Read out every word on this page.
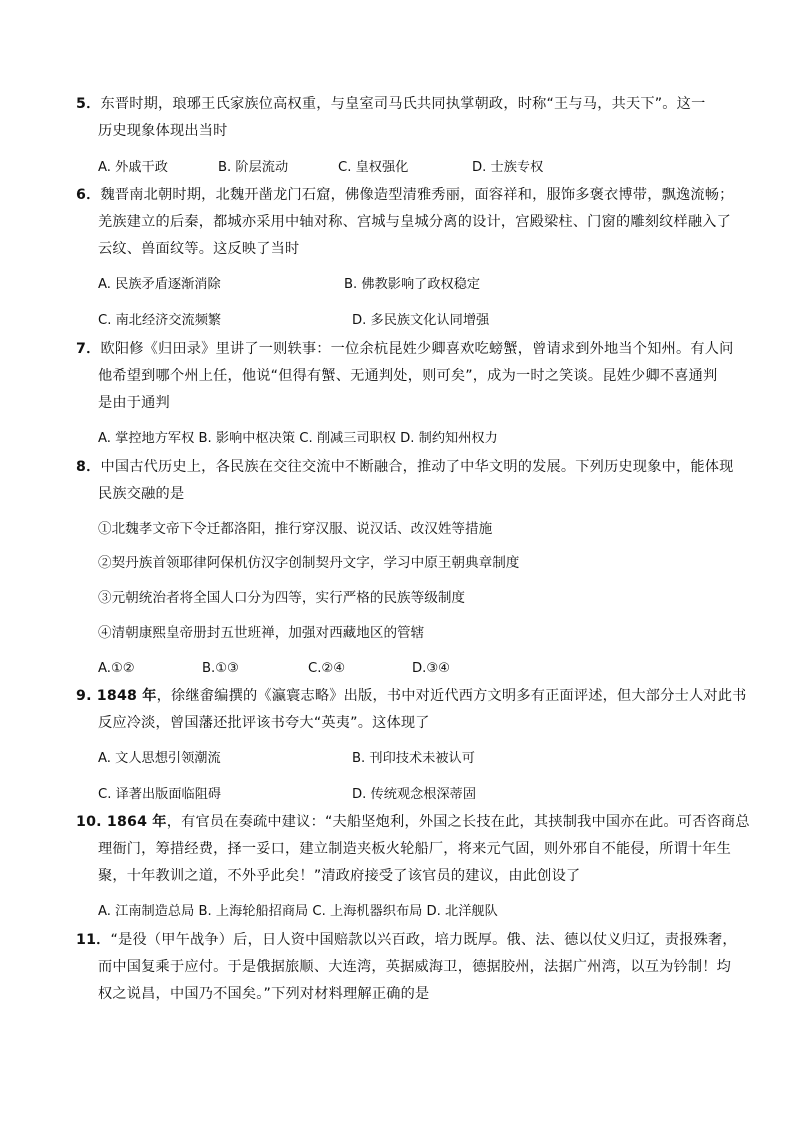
5．东晋时期，琅琊王氏家族位高权重，与皇室司马氏共同执掌朝政，时称“王与马，共天下”。这一
历史现象体现出当时
A. 外戚干政	B. 阶层流动	C. 皇权强化	D. 士族专权
6．魏晋南北朝时期，北魏开凿龙门石窟，佛像造型清雅秀丽，面容祥和，服饰多褒衣博带，飘逸流畅；
羌族建立的后秦，都城亦采用中轴对称、宫城与皇城分离的设计，宫殿梁柱、门窗的雕刻纹样融入了
云纹、兽面纹等。这反映了当时
A. 民族矛盾逐渐消除	B. 佛教影响了政权稳定
C. 南北经济交流频繁	D. 多民族文化认同增强
7．欧阳修《归田录》里讲了一则轶事：一位余杭昆姓少卿喜欢吃螃蟹，曾请求到外地当个知州。有人问
他希望到哪个州上任，他说“但得有蟹、无通判处，则可矣”，成为一时之笑谈。昆姓少卿不喜通判
是由于通判
A. 掌控地方军权 B. 影响中枢决策 C. 削减三司职权 D. 制约知州权力
8．中国古代历史上，各民族在交往交流中不断融合，推动了中华文明的发展。下列历史现象中，能体现
民族交融的是
①北魏孝文帝下令迁都洛阳，推行穿汉服、说汉话、改汉姓等措施
②契丹族首领耶律阿保机仿汉字创制契丹文字，学习中原王朝典章制度
③元朝统治者将全国人口分为四等，实行严格的民族等级制度
④清朝康熙皇帝册封五世班禅，加强对西藏地区的管辖
A.①②	B.①③	C.②④	D.③④
9. 1848 年，徐继畬编撰的《瀛寰志略》出版，书中对近代西方文明多有正面评述，但大部分士人对此书
反应冷淡，曾国藩还批评该书夸大“英夷”。这体现了
A. 文人思想引领潮流	B. 刊印技术未被认可
C. 译著出版面临阻碍	D. 传统观念根深蒂固
10. 1864 年，有官员在奏疏中建议：“夫船坚炮利，外国之长技在此，其挟制我中国亦在此。可否咨商总
理衙门，筹措经费，择一妥口，建立制造夹板火轮船厂，将来元气固，则外邪自不能侵，所谓十年生
聚，十年教训之道，不外乎此矣！”清政府接受了该官员的建议，由此创设了
A. 江南制造总局 B. 上海轮船招商局 C. 上海机器织布局 D. 北洋舰队
11．“是役（甲午战争）后，日人资中国赔款以兴百政，培力既厚。俄、法、德以仗义归辽，责报殊奢，
而中国复乘于应付。于是俄据旅顺、大连湾，英据威海卫，德据胶州，法据广州湾，以互为钤制！均
权之说昌，中国乃不国矣。”下列对材料理解正确的是
